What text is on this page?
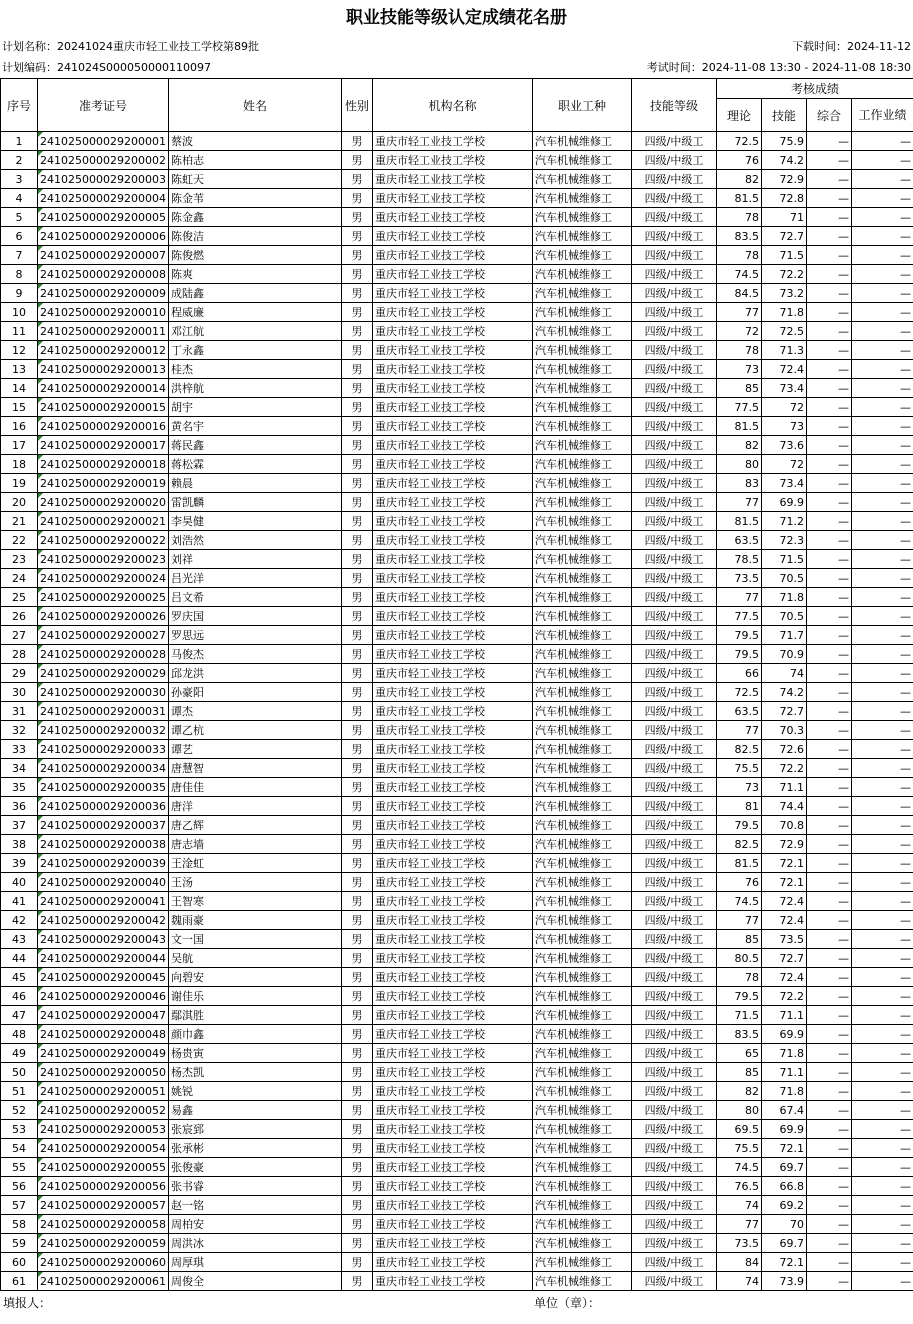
职业技能等级认定成绩花名册
计划名称：20241024重庆市轻工业技工学校第89批	下载时间：2024-11-12
计划编码：241024S000050000110097	考试时间：2024-11-08 13:30 - 2024-11-08 18:30
序号	准考证号	姓名	性别	机构名称	职业工种	技能等级	考核成绩			
							理论	技能	综合	工作业绩
1	241025000029200001	蔡波	男	重庆市轻工业技工学校	汽车机械维修工	四级/中级工	72.5	75.9	—	—
2	241025000029200002	陈柏志	男	重庆市轻工业技工学校	汽车机械维修工	四级/中级工	76	74.2	—	—
3	241025000029200003	陈虹天	男	重庆市轻工业技工学校	汽车机械维修工	四级/中级工	82	72.9	—	—
4	241025000029200004	陈金苇	男	重庆市轻工业技工学校	汽车机械维修工	四级/中级工	81.5	72.8	—	—
5	241025000029200005	陈金鑫	男	重庆市轻工业技工学校	汽车机械维修工	四级/中级工	78	71	—	—
6	241025000029200006	陈俊洁	男	重庆市轻工业技工学校	汽车机械维修工	四级/中级工	83.5	72.7	—	—
7	241025000029200007	陈俊燃	男	重庆市轻工业技工学校	汽车机械维修工	四级/中级工	78	71.5	—	—
8	241025000029200008	陈爽	男	重庆市轻工业技工学校	汽车机械维修工	四级/中级工	74.5	72.2	—	—
9	241025000029200009	成陆鑫	男	重庆市轻工业技工学校	汽车机械维修工	四级/中级工	84.5	73.2	—	—
10	241025000029200010	程威廉	男	重庆市轻工业技工学校	汽车机械维修工	四级/中级工	77	71.8	—	—
11	241025000029200011	邓江航	男	重庆市轻工业技工学校	汽车机械维修工	四级/中级工	72	72.5	—	—
12	241025000029200012	丁永鑫	男	重庆市轻工业技工学校	汽车机械维修工	四级/中级工	78	71.3	—	—
13	241025000029200013	桂杰	男	重庆市轻工业技工学校	汽车机械维修工	四级/中级工	73	72.4	—	—
14	241025000029200014	洪梓航	男	重庆市轻工业技工学校	汽车机械维修工	四级/中级工	85	73.4	—	—
15	241025000029200015	胡宇	男	重庆市轻工业技工学校	汽车机械维修工	四级/中级工	77.5	72	—	—
16	241025000029200016	黄名宇	男	重庆市轻工业技工学校	汽车机械维修工	四级/中级工	81.5	73	—	—
17	241025000029200017	蒋民鑫	男	重庆市轻工业技工学校	汽车机械维修工	四级/中级工	82	73.6	—	—
18	241025000029200018	蒋松霖	男	重庆市轻工业技工学校	汽车机械维修工	四级/中级工	80	72	—	—
19	241025000029200019	赖晨	男	重庆市轻工业技工学校	汽车机械维修工	四级/中级工	83	73.4	—	—
20	241025000029200020	雷凯麟	男	重庆市轻工业技工学校	汽车机械维修工	四级/中级工	77	69.9	—	—
21	241025000029200021	李昊健	男	重庆市轻工业技工学校	汽车机械维修工	四级/中级工	81.5	71.2	—	—
22	241025000029200022	刘浩然	男	重庆市轻工业技工学校	汽车机械维修工	四级/中级工	63.5	72.3	—	—
23	241025000029200023	刘祥	男	重庆市轻工业技工学校	汽车机械维修工	四级/中级工	78.5	71.5	—	—
24	241025000029200024	吕光洋	男	重庆市轻工业技工学校	汽车机械维修工	四级/中级工	73.5	70.5	—	—
25	241025000029200025	吕文希	男	重庆市轻工业技工学校	汽车机械维修工	四级/中级工	77	71.8	—	—
26	241025000029200026	罗庆国	男	重庆市轻工业技工学校	汽车机械维修工	四级/中级工	77.5	70.5	—	—
27	241025000029200027	罗思远	男	重庆市轻工业技工学校	汽车机械维修工	四级/中级工	79.5	71.7	—	—
28	241025000029200028	马俊杰	男	重庆市轻工业技工学校	汽车机械维修工	四级/中级工	79.5	70.9	—	—
29	241025000029200029	邱龙洪	男	重庆市轻工业技工学校	汽车机械维修工	四级/中级工	66	74	—	—
30	241025000029200030	孙豪阳	男	重庆市轻工业技工学校	汽车机械维修工	四级/中级工	72.5	74.2	—	—
31	241025000029200031	谭杰	男	重庆市轻工业技工学校	汽车机械维修工	四级/中级工	63.5	72.7	—	—
32	241025000029200032	谭乙杭	男	重庆市轻工业技工学校	汽车机械维修工	四级/中级工	77	70.3	—	—
33	241025000029200033	谭艺	男	重庆市轻工业技工学校	汽车机械维修工	四级/中级工	82.5	72.6	—	—
34	241025000029200034	唐慧智	男	重庆市轻工业技工学校	汽车机械维修工	四级/中级工	75.5	72.2	—	—
35	241025000029200035	唐佳佳	男	重庆市轻工业技工学校	汽车机械维修工	四级/中级工	73	71.1	—	—
36	241025000029200036	唐洋	男	重庆市轻工业技工学校	汽车机械维修工	四级/中级工	81	74.4	—	—
37	241025000029200037	唐乙辉	男	重庆市轻工业技工学校	汽车机械维修工	四级/中级工	79.5	70.8	—	—
38	241025000029200038	唐志墙	男	重庆市轻工业技工学校	汽车机械维修工	四级/中级工	82.5	72.9	—	—
39	241025000029200039	王淦虹	男	重庆市轻工业技工学校	汽车机械维修工	四级/中级工	81.5	72.1	—	—
40	241025000029200040	王汤	男	重庆市轻工业技工学校	汽车机械维修工	四级/中级工	76	72.1	—	—
41	241025000029200041	王智寒	男	重庆市轻工业技工学校	汽车机械维修工	四级/中级工	74.5	72.4	—	—
42	241025000029200042	魏雨豪	男	重庆市轻工业技工学校	汽车机械维修工	四级/中级工	77	72.4	—	—
43	241025000029200043	文一国	男	重庆市轻工业技工学校	汽车机械维修工	四级/中级工	85	73.5	—	—
44	241025000029200044	吴航	男	重庆市轻工业技工学校	汽车机械维修工	四级/中级工	80.5	72.7	—	—
45	241025000029200045	向碧安	男	重庆市轻工业技工学校	汽车机械维修工	四级/中级工	78	72.4	—	—
46	241025000029200046	谢佳乐	男	重庆市轻工业技工学校	汽车机械维修工	四级/中级工	79.5	72.2	—	—
47	241025000029200047	鄢淇胜	男	重庆市轻工业技工学校	汽车机械维修工	四级/中级工	71.5	71.1	—	—
48	241025000029200048	颜巾鑫	男	重庆市轻工业技工学校	汽车机械维修工	四级/中级工	83.5	69.9	—	—
49	241025000029200049	杨贵寅	男	重庆市轻工业技工学校	汽车机械维修工	四级/中级工	65	71.8	—	—
50	241025000029200050	杨杰凯	男	重庆市轻工业技工学校	汽车机械维修工	四级/中级工	85	71.1	—	—
51	241025000029200051	姚锐	男	重庆市轻工业技工学校	汽车机械维修工	四级/中级工	82	71.8	—	—
52	241025000029200052	易鑫	男	重庆市轻工业技工学校	汽车机械维修工	四级/中级工	80	67.4	—	—
53	241025000029200053	张宸郅	男	重庆市轻工业技工学校	汽车机械维修工	四级/中级工	69.5	69.9	—	—
54	241025000029200054	张承彬	男	重庆市轻工业技工学校	汽车机械维修工	四级/中级工	75.5	72.1	—	—
55	241025000029200055	张俊豪	男	重庆市轻工业技工学校	汽车机械维修工	四级/中级工	74.5	69.7	—	—
56	241025000029200056	张书睿	男	重庆市轻工业技工学校	汽车机械维修工	四级/中级工	76.5	66.8	—	—
57	241025000029200057	赵一铭	男	重庆市轻工业技工学校	汽车机械维修工	四级/中级工	74	69.2	—	—
58	241025000029200058	周柏安	男	重庆市轻工业技工学校	汽车机械维修工	四级/中级工	77	70	—	—
59	241025000029200059	周洪冰	男	重庆市轻工业技工学校	汽车机械维修工	四级/中级工	73.5	69.7	—	—
60	241025000029200060	周厚琪	男	重庆市轻工业技工学校	汽车机械维修工	四级/中级工	84	72.1	—	—
61	241025000029200061	周俊全	男	重庆市轻工业技工学校	汽车机械维修工	四级/中级工	74	73.9	—	—
填报人：	单位（章）：
